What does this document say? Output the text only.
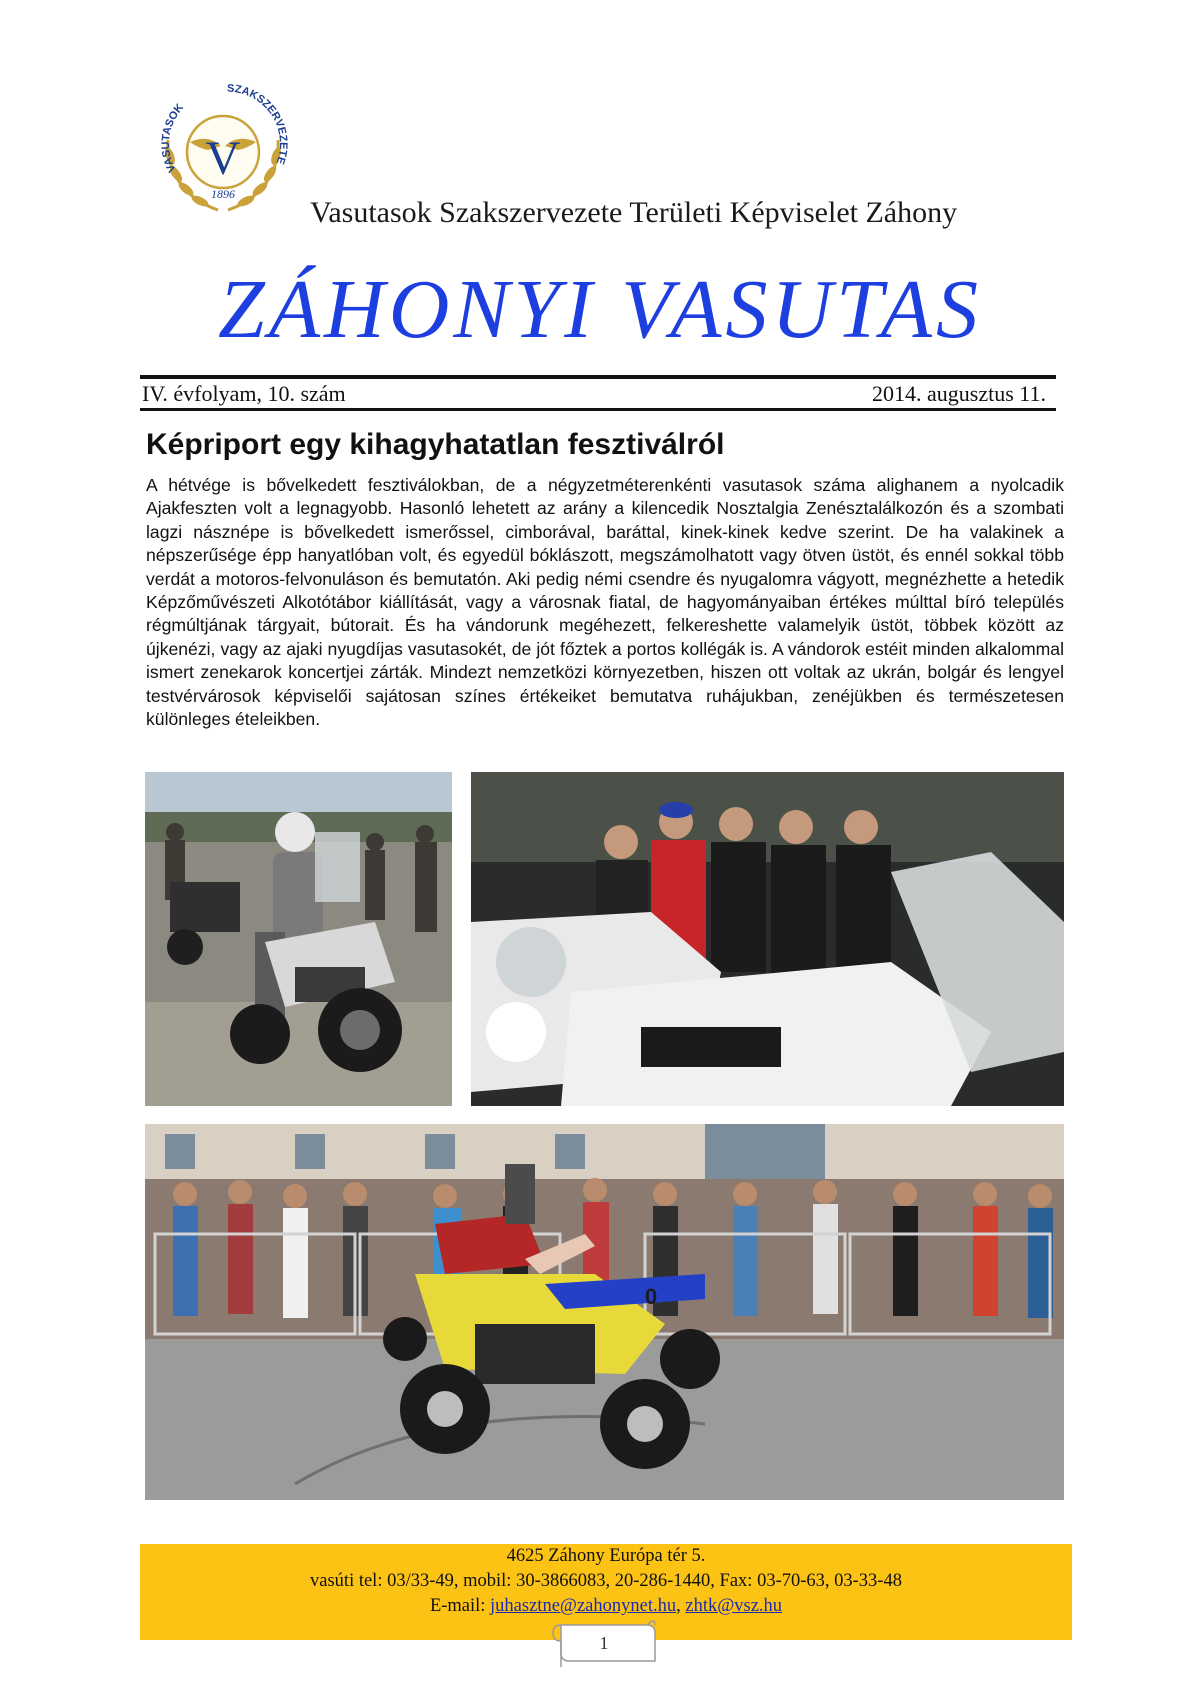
VASUTASOK
SZAKSZERVEZETE
V
1896
Vasutasok Szakszervezete Területi Képviselet Záhony
ZÁHONYI VASUTAS
IV. évfolyam, 10. szám	2014. augusztus 11.
Képriport egy kihagyhatatlan fesztiválról

A hétvége is bővelkedett fesztiválokban, de a négyzetméterenkénti vasutasok száma alighanem a nyolcadik Ajakfeszten volt a legnagyobb. Hasonló lehetett az arány a kilencedik Nosztalgia Zenésztalálkozón és a szombati lagzi násznépe is bővelkedett ismerőssel, cimborával, baráttal, kinek-kinek kedve szerint. De ha valakinek a népszerűsége épp hanyatlóban volt, és egyedül bóklászott, megszámolhatott vagy ötven üstöt, és ennél sokkal több verdát a motoros-felvonuláson és bemutatón. Aki pedig némi csendre és nyugalomra vágyott, megnézhette a hetedik Képzőművészeti Alkotótábor kiállítását, vagy a városnak fiatal, de hagyományaiban értékes múlttal bíró település régmúltjának tárgyait, bútorait. És ha vándorunk megéhezett, felkereshette valamelyik üstöt, többek között az újkenézi, vagy az ajaki nyugdíjas vasutasokét, de jót főztek a portos kollégák is. A vándorok estéit minden alkalommal ismert zenekarok koncertjei zárták. Mindezt nemzetközi környezetben, hiszen ott voltak az ukrán, bolgár és lengyel testvérvárosok képviselői sajátosan színes értékeiket bemutatva ruhájukban, zenéjükben és természetesen különleges ételeikben.

0
4625 Záhony Európa tér 5.
vasúti tel: 03/33-49, mobil: 30-3866083, 20-286-1440, Fax: 03-70-63, 03-33-48
E-mail: juhasztne@zahonynet.hu, zhtk@vsz.hu
1
